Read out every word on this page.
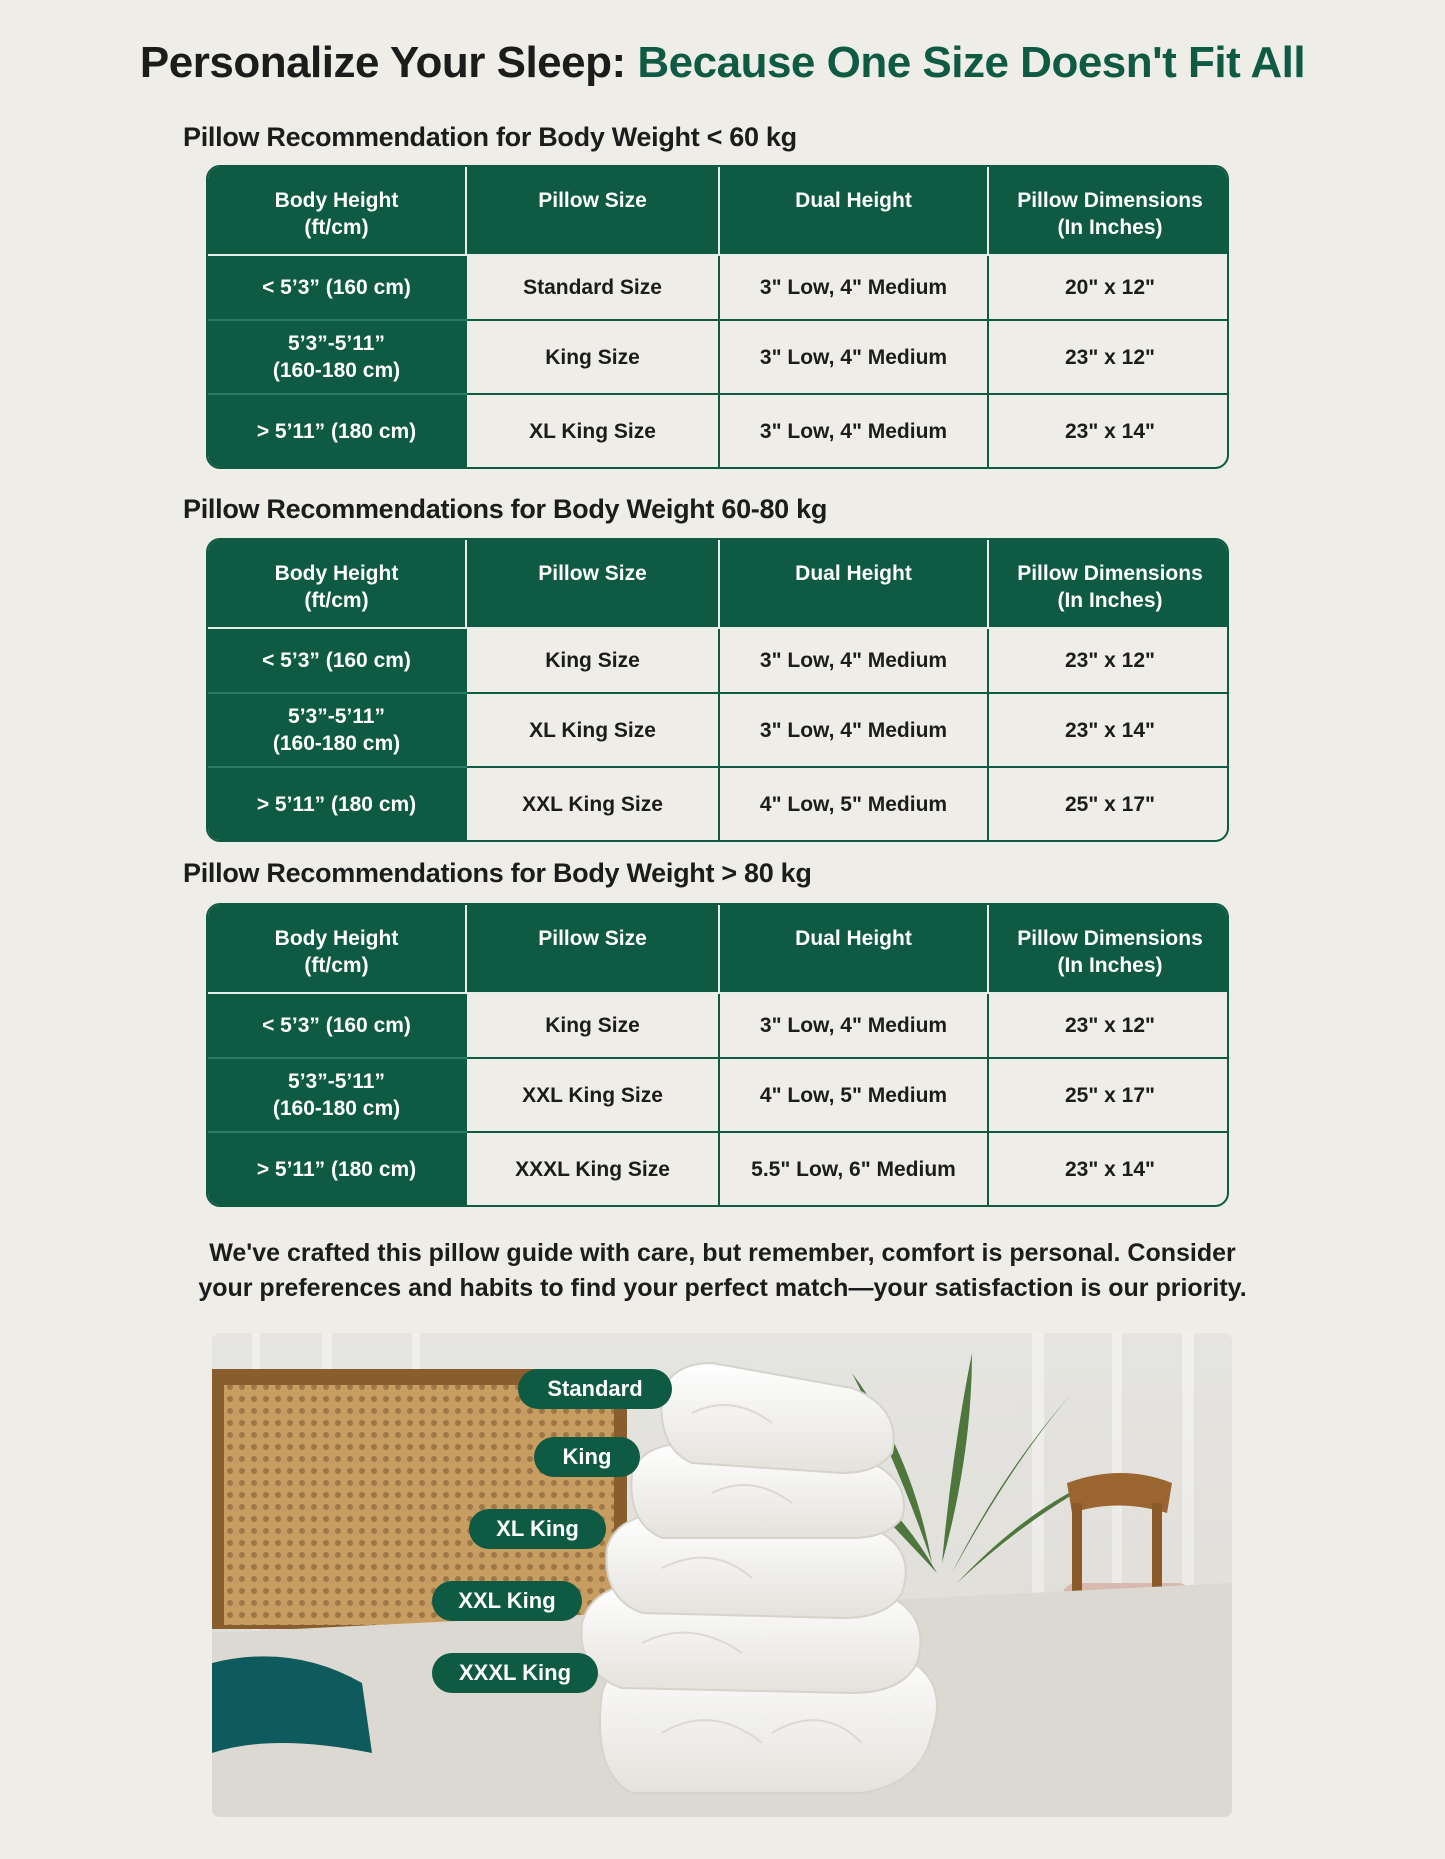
Personalize Your Sleep: Because One Size Doesn't Fit All
Pillow Recommendation for Body Weight < 60 kg
Body Height
(ft/cm)	Pillow Size	Dual Height	Pillow Dimensions
(In Inches)
< 5’3” (160 cm)	Standard Size	3" Low, 4" Medium	20" x 12"
5’3”-5’11”
(160-180 cm)	King Size	3" Low, 4" Medium	23" x 12"
> 5’11” (180 cm)	XL King Size	3" Low, 4" Medium	23" x 14"
Pillow Recommendations for Body Weight 60-80 kg
Body Height
(ft/cm)	Pillow Size	Dual Height	Pillow Dimensions
(In Inches)
< 5’3” (160 cm)	King Size	3" Low, 4" Medium	23" x 12"
5’3”-5’11”
(160-180 cm)	XL King Size	3" Low, 4" Medium	23" x 14"
> 5’11” (180 cm)	XXL King Size	4" Low, 5" Medium	25" x 17"
Pillow Recommendations for Body Weight > 80 kg
Body Height
(ft/cm)	Pillow Size	Dual Height	Pillow Dimensions
(In Inches)
< 5’3” (160 cm)	King Size	3" Low, 4" Medium	23" x 12"
5’3”-5’11”
(160-180 cm)	XXL King Size	4" Low, 5" Medium	25" x 17"
> 5’11” (180 cm)	XXXL King Size	5.5" Low, 6" Medium	23" x 14"
We've crafted this pillow guide with care, but remember, comfort is personal. Consider
your preferences and habits to find your perfect match—your satisfaction is our priority.
Standard
King
XL King
XXL King
XXXL King
